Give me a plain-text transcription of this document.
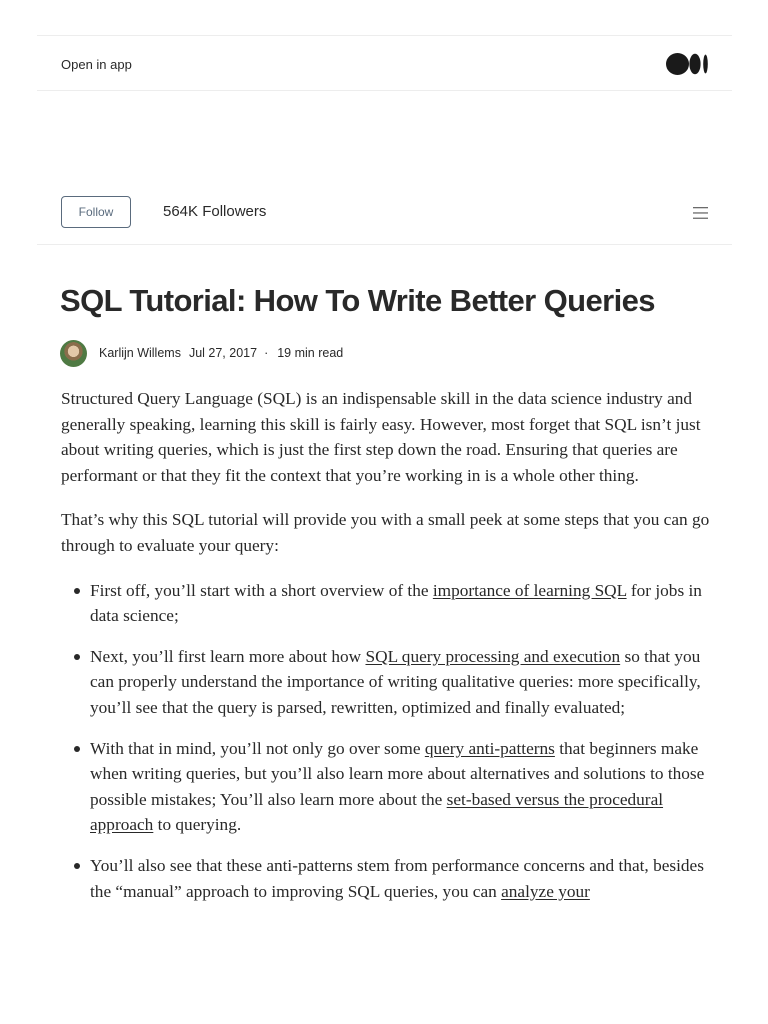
Open in app
Follow	564K Followers
SQL Tutorial: How To Write Better Queries
Karlijn Willems Jul 27, 2017 · 19 min read

Structured Query Language (SQL) is an indispensable skill in the data science industry and generally speaking, learning this skill is fairly easy. However, most forget that SQL isn’t just about writing queries, which is just the first step down the road. Ensuring that queries are performant or that they fit the context that you’re working in is a whole other thing.

That’s why this SQL tutorial will provide you with a small peek at some steps that you can go through to evaluate your query:

First off, you’ll start with a short overview of the importance of learning SQL for jobs in data science;
Next, you’ll first learn more about how SQL query processing and execution so that you can properly understand the importance of writing qualitative queries: more specifically, you’ll see that the query is parsed, rewritten, optimized and finally evaluated;
With that in mind, you’ll not only go over some query anti-patterns that beginners make when writing queries, but you’ll also learn more about alternatives and solutions to those possible mistakes; You’ll also learn more about the set-based versus the procedural approach to querying.
You’ll also see that these anti-patterns stem from performance concerns and that, besides the “manual” approach to improving SQL queries, you can analyze your
